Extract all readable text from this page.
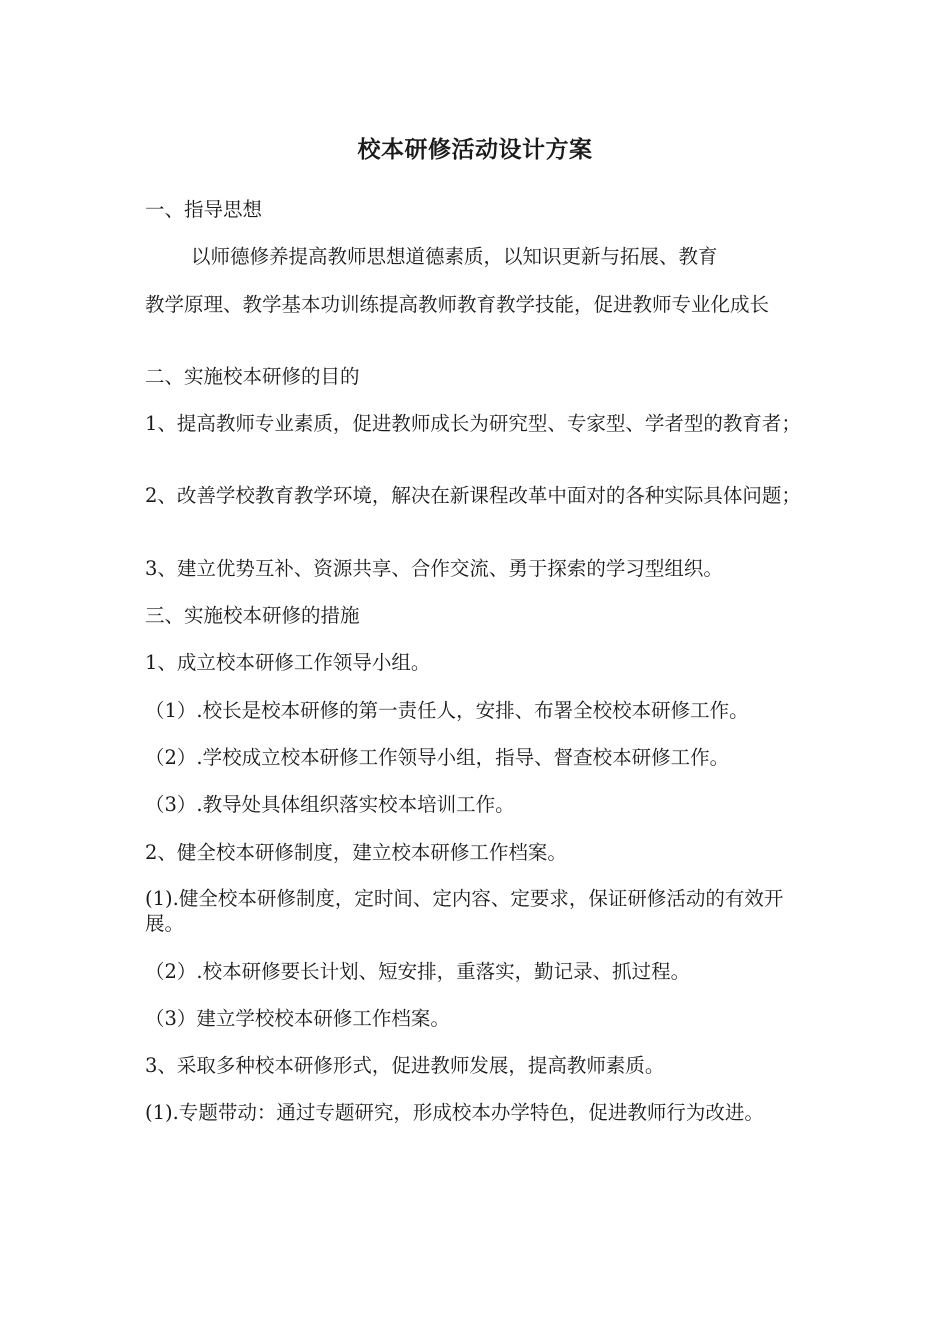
校本研修活动设计方案

一、指导思想

以师德修养提高教师思想道德素质，以知识更新与拓展、教育

教学原理、教学基本功训练提高教师教育教学技能，促进教师专业化成长

二、实施校本研修的目的

1、提高教师专业素质，促进教师成长为研究型、专家型、学者型的教育者；

2、改善学校教育教学环境，解决在新课程改革中面对的各种实际具体问题；

3、建立优势互补、资源共享、合作交流、勇于探索的学习型组织。

三、实施校本研修的措施

1、成立校本研修工作领导小组。

（1）.校长是校本研修的第一责任人，安排、布署全校校本研修工作。

（2）.学校成立校本研修工作领导小组，指导、督查校本研修工作。

（3）.教导处具体组织落实校本培训工作。

2、健全校本研修制度，建立校本研修工作档案。

(1).健全校本研修制度，定时间、定内容、定要求，保证研修活动的有效开展。

（2）.校本研修要长计划、短安排，重落实，勤记录、抓过程。

（3）建立学校校本研修工作档案。

3、采取多种校本研修形式，促进教师发展，提高教师素质。

(1).专题带动：通过专题研究，形成校本办学特色，促进教师行为改进。
